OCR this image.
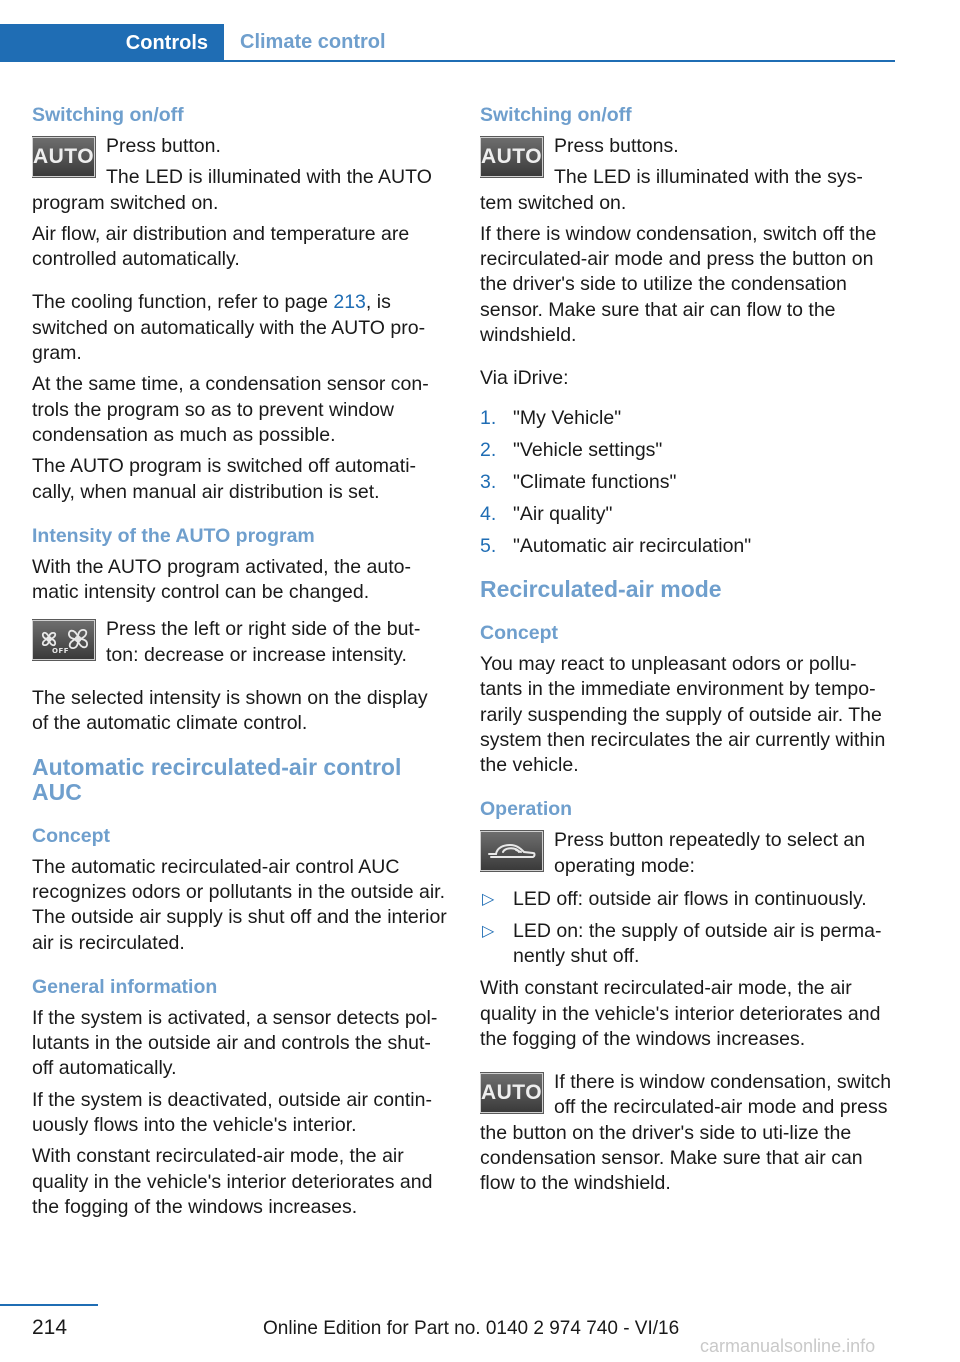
Controls Climate control
Switching on/off
AUTO Press button.

The LED is illuminated with the AUTO program switched on.

Air flow, air distribution and temperature are controlled automatically.

The cooling function, refer to page 213, is switched on automatically with the AUTO pro‐gram.

At the same time, a condensation sensor con‐trols the program so as to prevent window condensation as much as possible.

The AUTO program is switched off automati‐cally, when manual air distribution is set.

Intensity of the AUTO program

With the AUTO program activated, the auto‐matic intensity control can be changed.

OFF

Press the left or right side of the but‐ton: decrease or increase intensity.

The selected intensity is shown on the display of the automatic climate control.

Automatic recirculated-air control AUC
Concept

The automatic recirculated-air control AUC recognizes odors or pollutants in the outside air. The outside air supply is shut off and the interior air is recirculated.

General information

If the system is activated, a sensor detects pol‐lutants in the outside air and controls the shut‐off automatically.

If the system is deactivated, outside air contin‐uously flows into the vehicle's interior.

With constant recirculated-air mode, the air quality in the vehicle's interior deteriorates and the fogging of the windows increases.

Switching on/off
AUTO Press buttons.

The LED is illuminated with the sys‐ tem switched on.

If there is window condensation, switch off the recirculated-air mode and press the button on the driver's side to utilize the condensation sensor. Make sure that air can flow to the windshield.

Via iDrive:

1. "My Vehicle"
2. "Vehicle settings"
3. "Climate functions"
4. "Air quality"
5. "Automatic air recirculation"
Recirculated-air mode
Concept

You may react to unpleasant odors or pollu‐tants in the immediate environment by tempo‐rarily suspending the supply of outside air. The system then recirculates the air currently within the vehicle.

Operation

Press button repeatedly to select an operating mode:

▷ LED off: outside air flows in continuously.
▷ LED on: the supply of outside air is perma‐nently shut off.

With constant recirculated-air mode, the air quality in the vehicle's interior deteriorates and the fogging of the windows increases.

AUTO If there is window condensation, switch off the recirculated-air mode and press the button on the driver's side to uti‐lize the condensation sensor. Make sure that air can flow to the windshield.

214	Online Edition for Part no. 0140 2 974 740 - VI/16
carmanualsonline.info
